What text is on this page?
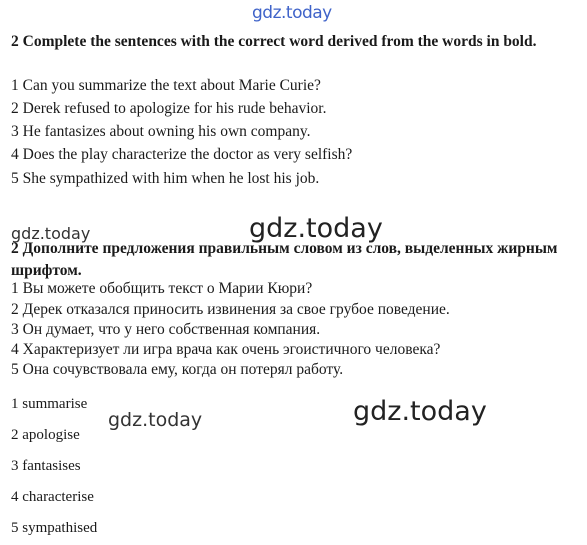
gdz.today
2 Complete the sentences with the correct word derived from the words in bold.
1 Can you summarize the text about Marie Curie?
2 Derek refused to apologize for his rude behavior.
3 He fantasizes about owning his own company.
4 Does the play characterize the doctor as very selfish?
5 She sympathized with him when he lost his job.
gdz.today	gdz.today
2 Дополните предложения правильным словом из слов, выделенных жирным шрифтом.
1 Вы можете обобщить текст о Марии Кюри?
2 Дерек отказался приносить извинения за свое грубое поведение.
3 Он думает, что у него собственная компания.
4 Характеризует ли игра врача как очень эгоистичного человека?
5 Она сочувствовала ему, когда он потерял работу.
1 summarise
2 apologise
3 fantasises
4 characterise
5 sympathised
gdz.today	gdz.today
